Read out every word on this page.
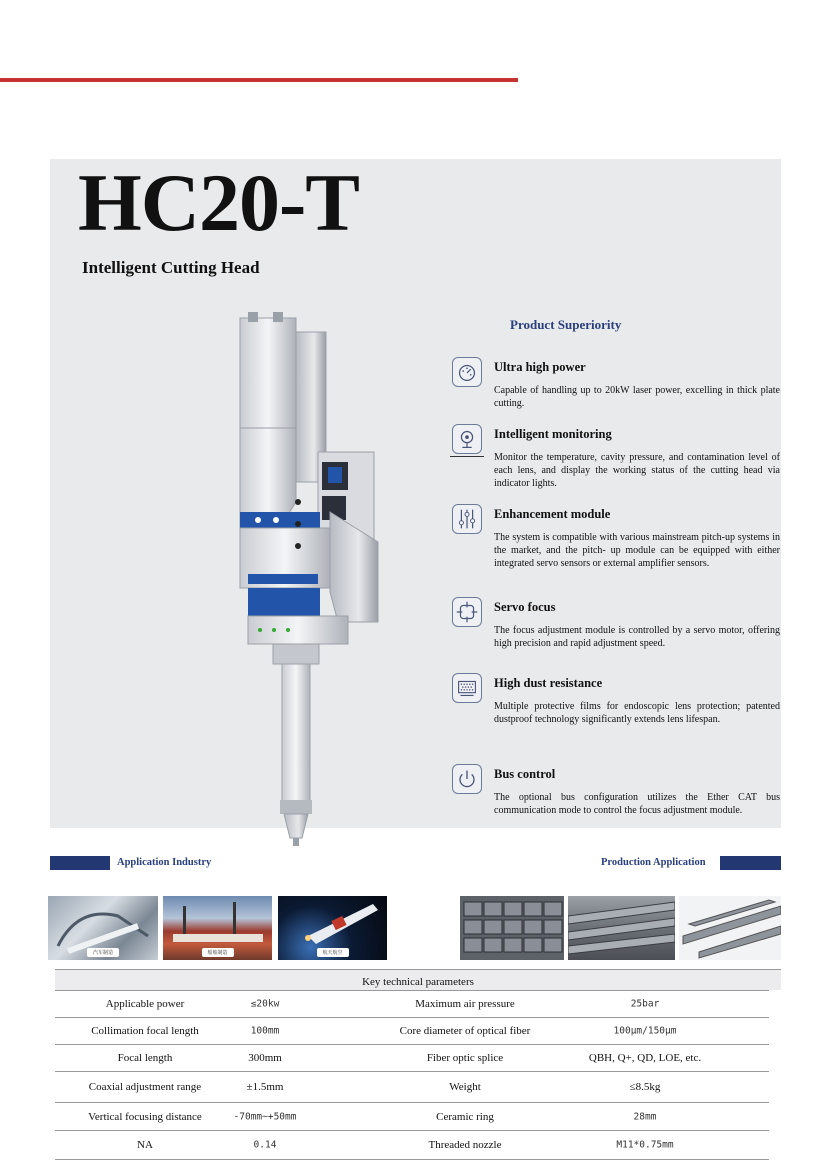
HC20-T
Intelligent Cutting Head
Product Superiority
Ultra high power
Capable of handling up to 20kW laser power, excelling in thick plate cutting.
Intelligent monitoring
Monitor the temperature, cavity pressure, and contamination level of each lens, and display the working status of the cutting head via indicator lights.
Enhancement module
The system is compatible with various mainstream pitch-up systems in the market, and the pitch- up module can be equipped with either integrated servo sensors or external amplifier sensors.
Servo focus
The focus adjustment module is controlled by a servo motor, offering high precision and rapid adjustment speed.
High dust resistance
Multiple protective films for endoscopic lens protection; patented dustproof technology significantly extends lens lifespan.
Bus control
The optional bus configuration utilizes the Ether CAT bus communication mode to control the focus adjustment module.
Application Industry	Production Application
汽车制造	船舶制造	航天航空
Key technical parameters
Applicable power	≤20kw	Maximum air pressure	25bar
Collimation focal length	100mm	Core diameter of optical fiber	100μm/150μm
Focal length	300mm	Fiber optic splice	QBH, Q+, QD, LOE, etc.
Coaxial adjustment range	±1.5mm	Weight	≤8.5kg
Vertical focusing distance	-70mm~+50mm	Ceramic ring	28mm
NA	0.14	Threaded nozzle	M11*0.75mm
